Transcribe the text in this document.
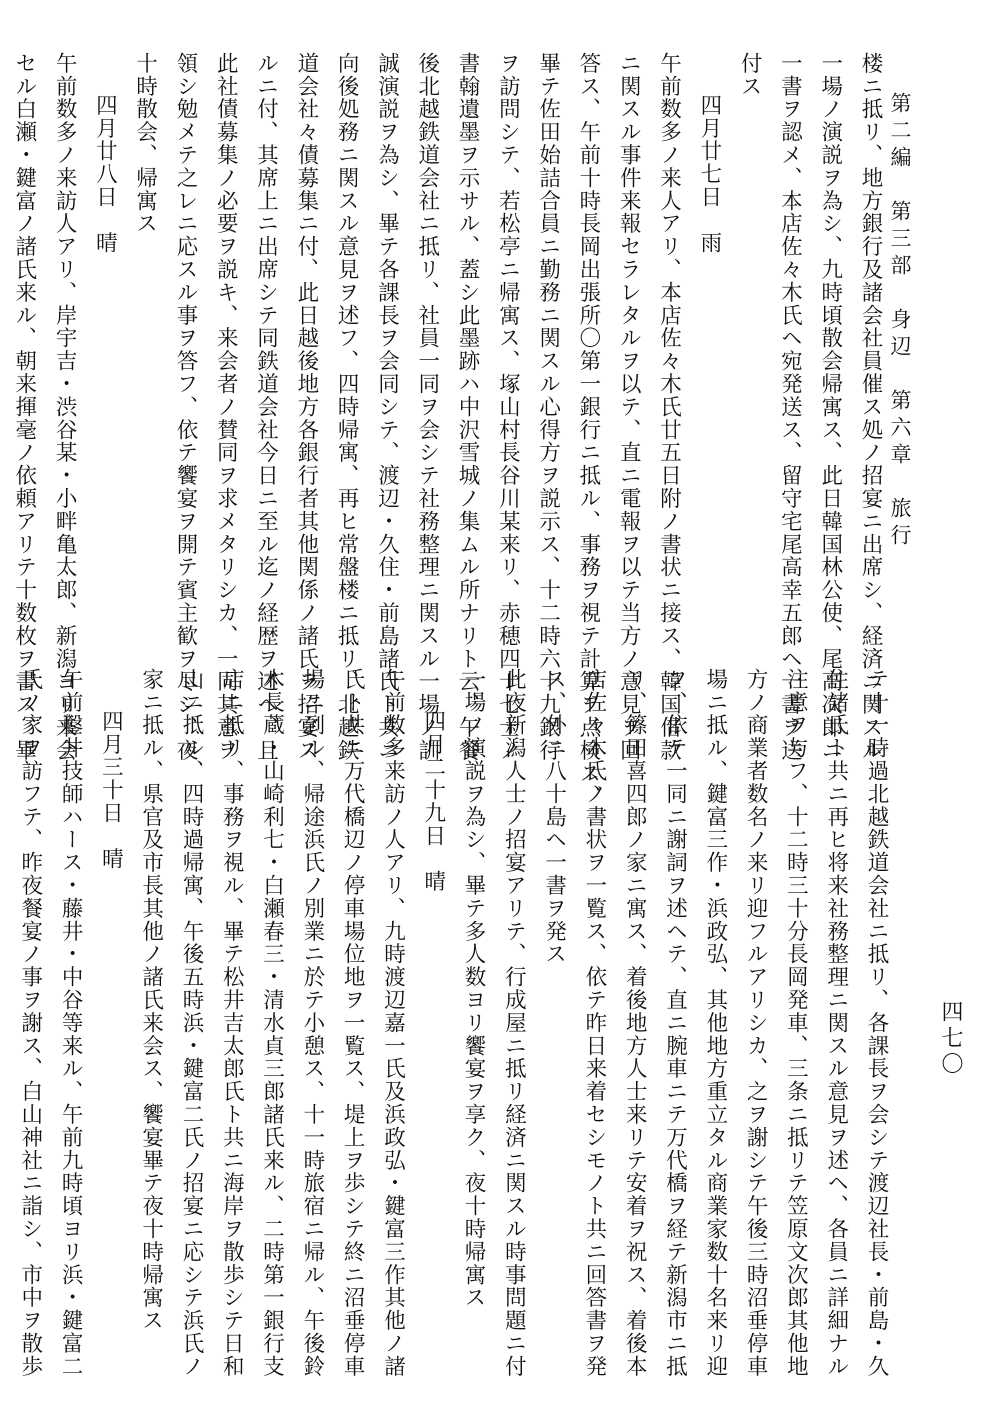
第二編　第三部　身辺　第六章　旅行
四七〇
楼ニ抵リ、地方銀行及諸会社員催ス処ノ招宴ニ出席シ、経済ニ関スル
一場ノ演説ヲ為シ、九時頃散会帰寓ス、此日韓国林公使、尾高次郎ニ
一書ヲ認メ、本店佐々木氏ヘ宛発送ス、留守宅尾高幸五郎ヘ一書ヲ送
付ス
四月廿七日　雨
午前数多ノ来人アリ、本店佐々木氏廿五日附ノ書状ニ接ス、韓国借款
ニ関スル事件来報セラレタルヲ以テ、直ニ電報ヲ以テ当方ノ意見ヲ回
答ス、午前十時長岡出張所〇第一銀行ニ抵ル、事務ヲ視テ計算ヲ点検ス、
畢テ佐田始詰合員ニ勤務ニ関スル心得方ヲ説示ス、十二時六十九銀行
ヲ訪問シテ、若松亭ニ帰寓ス、塚山村長谷川某来リ、赤穂四十七士ノ
書翰遺墨ヲ示サル、蓋シ此墨跡ハ中沢雪城ノ集ムル所ナリト云、午餐
後北越鉄道会社ニ抵リ、社員一同ヲ会シテ社務整理ニ関スル一場ノ訓
誠演説ヲ為シ、畢テ各課長ヲ会同シテ、渡辺・久住・前島諸氏ト共ニ
向後処務ニ関スル意見ヲ述フ、四時帰寓、再ヒ常盤楼ニ抵リ、北越鉄
道会社々債募集ニ付、此日越後地方各銀行者其他関係ノ諸氏ヲ招宴ス
ルニ付、其席上ニ出席シテ同鉄道会社今日ニ至ル迄ノ経歴ヲ述ヘ、且
此社債募集ノ必要ヲ説キ、来会者ノ賛同ヲ求メタリシカ、一同其意ヲ
領シ勉メテ之レニ応スル事ヲ答フ、依テ饗宴ヲ開テ賓主歓ヲ尽シ、夜
十時散会、帰寓ス
四月廿八日　晴
午前数多ノ来訪人アリ、岸宇吉・渋谷某・小畔亀太郎、新潟ヨリ来会
セル白瀬・鍵富ノ諸氏来ル、朝来揮毫ノ依頼アリテ十数枚ヲ書ス、畢
テ十一時過北越鉄道会社ニ抵リ、各課長ヲ会シテ渡辺社長・前島・久
住諸氏ト共ニ再ヒ将来社務整理ニ関スル意見ヲ述ヘ、各員ニ詳細ナル
注意ヲ与フ、十二時三十分長岡発車、三条ニ抵リテ笠原文次郎其他地
方ノ商業者数名ノ来リ迎フルアリシカ、之ヲ謝シテ午後三時沼垂停車
場ニ抵ル、鍵富三作・浜政弘、其他地方重立タル商業家数十名来リ迎
フ、依テ一同ニ謝詞ヲ述ヘテ、直ニ腕車ニテ万代橋ヲ経テ新潟市ニ抵
リ、篠田喜四郎ノ家ニ寓ス、着後地方人士来リテ安着ヲ祝ス、着後本
店佐々木氏ノ書状ヲ一覧ス、依テ昨日来着セシモノト共ニ回答書ヲ発
ス、外ニ八十島ヘ一書ヲ発ス
此夜新潟人士ノ招宴アリテ、行成屋ニ抵リ経済ニ関スル時事問題ニ付
一場ノ演説ヲ為シ、畢テ多人数ヨリ饗宴ヲ享ク、夜十時帰寓ス
四月二十九日　晴
午前数多来訪ノ人アリ、九時渡辺嘉一氏及浜政弘・鍵富三作其他ノ諸
氏ト共ニ万代橋辺ノ停車場位地ヲ一覧ス、堤上ヲ歩シテ終ニ沼垂停車
場ニ到ル、帰途浜氏ノ別業ニ於テ小憩ス、十一時旅宿ニ帰ル、午後鈴
木長蔵・山崎利七・白瀬春三・清水貞三郎諸氏来ル、二時第一銀行支
店ニ抵リ、事務ヲ視ル、畢テ松井吉太郎氏ト共ニ海岸ヲ散歩シテ日和
山ニ抵ル、四時過帰寓、午後五時浜・鍵富二氏ノ招宴ニ応シテ浜氏ノ
家ニ抵ル、県官及市長其他ノ諸氏来会ス、饗宴畢テ夜十時帰寓ス
四月三十日　晴
午前鑿井技師ハース・藤井・中谷等来ル、午前九時頃ヨリ浜・鍵富二
氏ノ家ヲ訪フテ、昨夜餐宴ノ事ヲ謝ス、白山神社ニ詣シ、市中ヲ散歩
